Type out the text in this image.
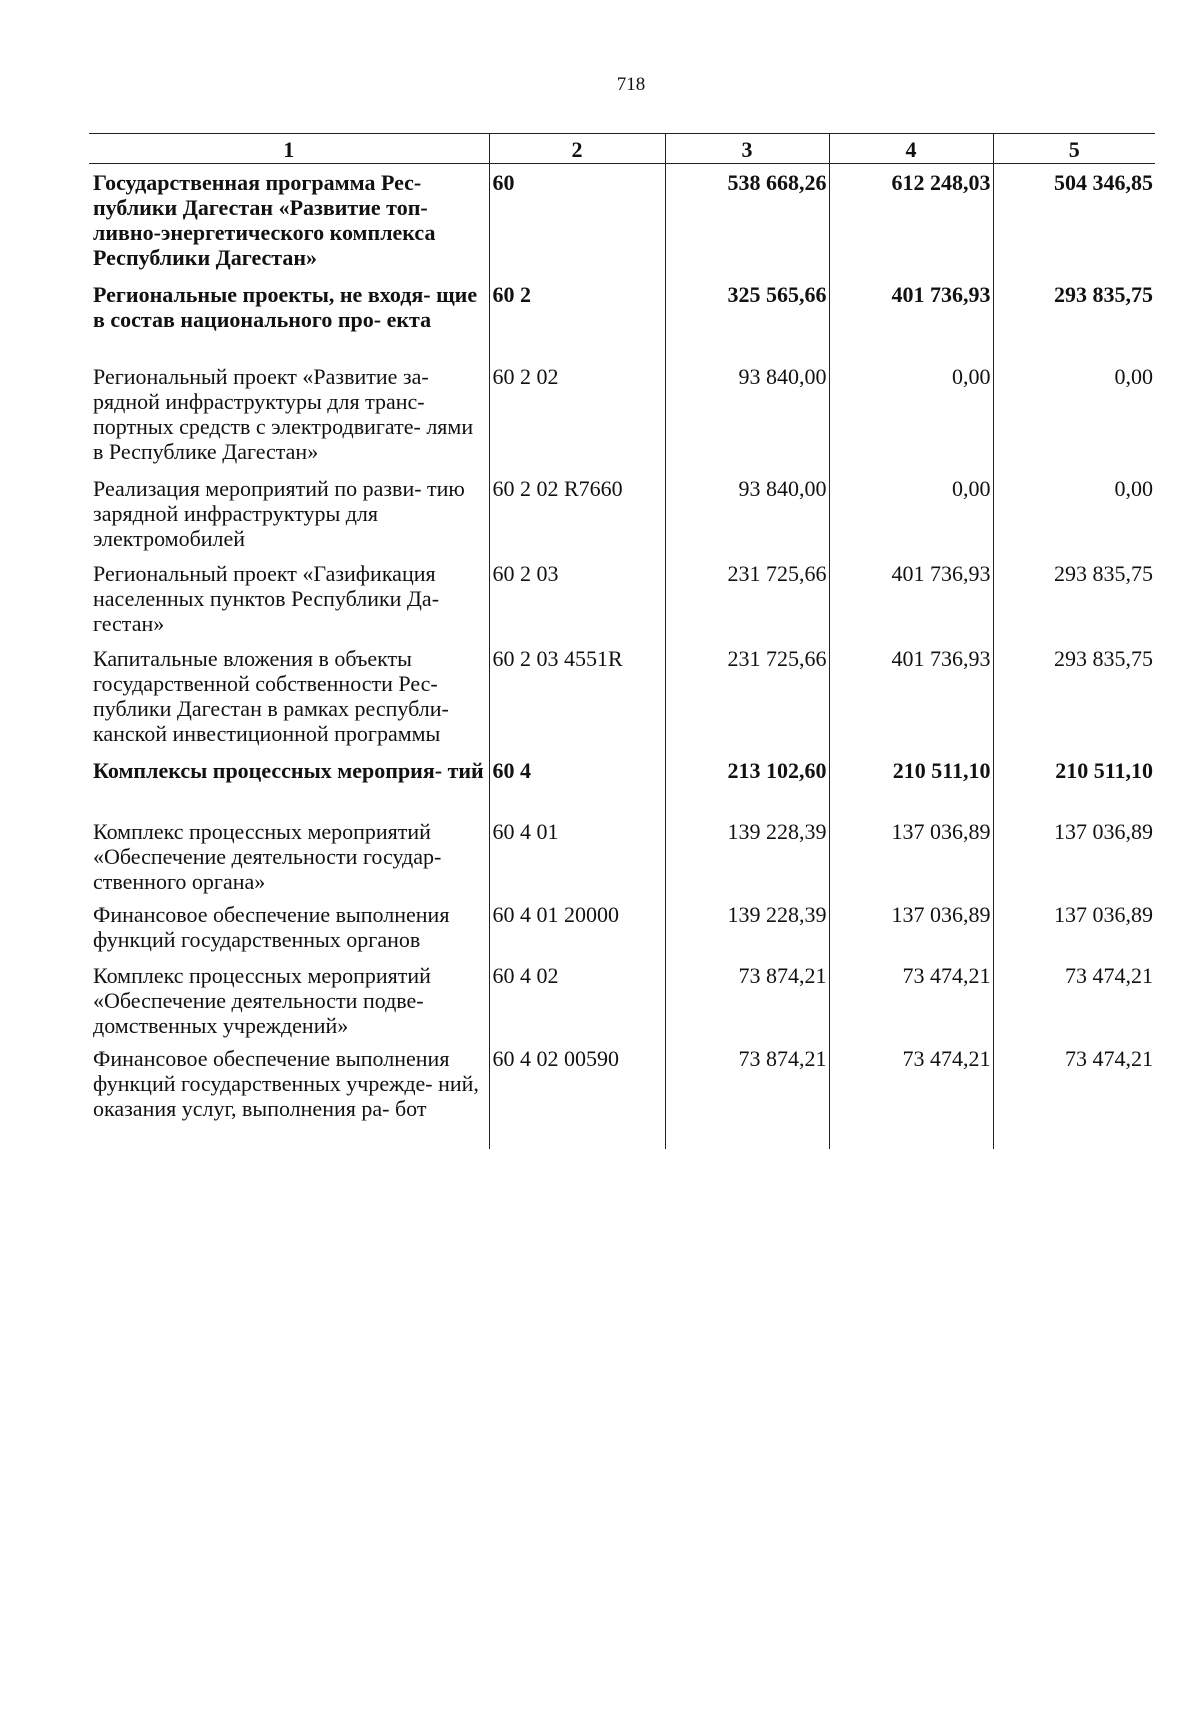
718
1	2	3	4	5
Государственная программа Рес- публики Дагестан «Развитие топ- ливно-энергетического комплекса Республики Дагестан»	60	538 668,26	612 248,03	504 346,85
Региональные проекты, не входя- щие в состав национального про- екта	60 2	325 565,66	401 736,93	293 835,75
Региональный проект «Развитие за- рядной инфраструктуры для транс- портных средств с электродвигате- лями в Республике Дагестан»	60 2 02	93 840,00	0,00	0,00
Реализация мероприятий по разви- тию зарядной инфраструктуры для электромобилей	60 2 02 R7660	93 840,00	0,00	0,00
Региональный проект «Газификация населенных пунктов Республики Да- гестан»	60 2 03	231 725,66	401 736,93	293 835,75
Капитальные вложения в объекты государственной собственности Рес- публики Дагестан в рамках республи- канской инвестиционной программы	60 2 03 4551R	231 725,66	401 736,93	293 835,75
Комплексы процессных мероприя- тий	60 4	213 102,60	210 511,10	210 511,10
Комплекс процессных мероприятий «Обеспечение деятельности государ- ственного органа»	60 4 01	139 228,39	137 036,89	137 036,89
Финансовое обеспечение выполнения функций государственных органов	60 4 01 20000	139 228,39	137 036,89	137 036,89
Комплекс процессных мероприятий «Обеспечение деятельности подве- домственных учреждений»	60 4 02	73 874,21	73 474,21	73 474,21
Финансовое обеспечение выполнения функций государственных учрежде- ний, оказания услуг, выполнения ра- бот	60 4 02 00590	73 874,21	73 474,21	73 474,21
